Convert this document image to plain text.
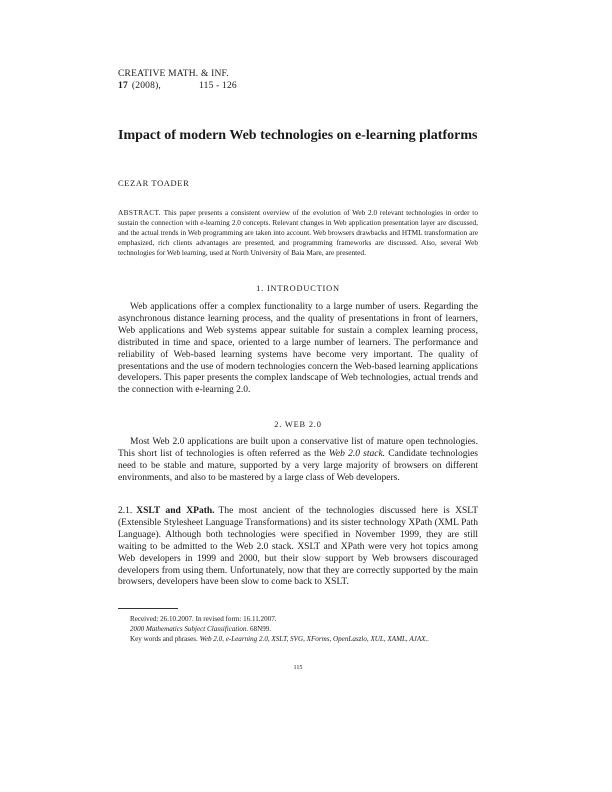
CREATIVE MATH. & INF.
17 (2008),	115 - 126
Impact of modern Web technologies on e-learning platforms
CEZAR TOADER
ABSTRACT. This paper presents a consistent overview of the evolution of Web 2.0 relevant technologies in order to sustain the connection with e-learning 2.0 concepts. Relevant changes in Web application presentation layer are discussed, and the actual trends in Web programming are taken into account. Web browsers drawbacks and HTML transformation are emphasized, rich clients advantages are presented, and programming frameworks are discussed. Also, several Web technologies for Web learning, used at North University of Baia Mare, are presented.
1. INTRODUCTION
Web applications offer a complex functionality to a large number of users. Regarding the asynchronous distance learning process, and the quality of presentations in front of learners, Web applications and Web systems appear suitable for sustain a complex learning process, distributed in time and space, oriented to a large number of learners. The performance and reliability of Web-based learning systems have become very important. The quality of presentations and the use of modern technologies concern the Web-based learning applications developers. This paper presents the complex landscape of Web technologies, actual trends and the connection with e-learning 2.0.
2. WEB 2.0
Most Web 2.0 applications are built upon a conservative list of mature open technologies. This short list of technologies is often referred as the Web 2.0 stack. Candidate technologies need to be stable and mature, supported by a very large majority of browsers on different environments, and also to be mastered by a large class of Web developers.
2.1. XSLT and XPath. The most ancient of the technologies discussed here is XSLT (Extensible Stylesheet Language Transformations) and its sister technology XPath (XML Path Language). Although both technologies were specified in November 1999, they are still waiting to be admitted to the Web 2.0 stack. XSLT and XPath were very hot topics among Web developers in 1999 and 2000, but their slow support by Web browsers discouraged developers from using them. Unfortunately, now that they are correctly supported by the main browsers, developers have been slow to come back to XSLT.
Received: 26.10.2007. In revised form: 16.11.2007.
2000 Mathematics Subject Classification. 68N99.
Key words and phrases. Web 2.0, e-Learning 2.0, XSLT, SVG, XForms, OpenLaszlo, XUL, XAML, AJAX..
115
